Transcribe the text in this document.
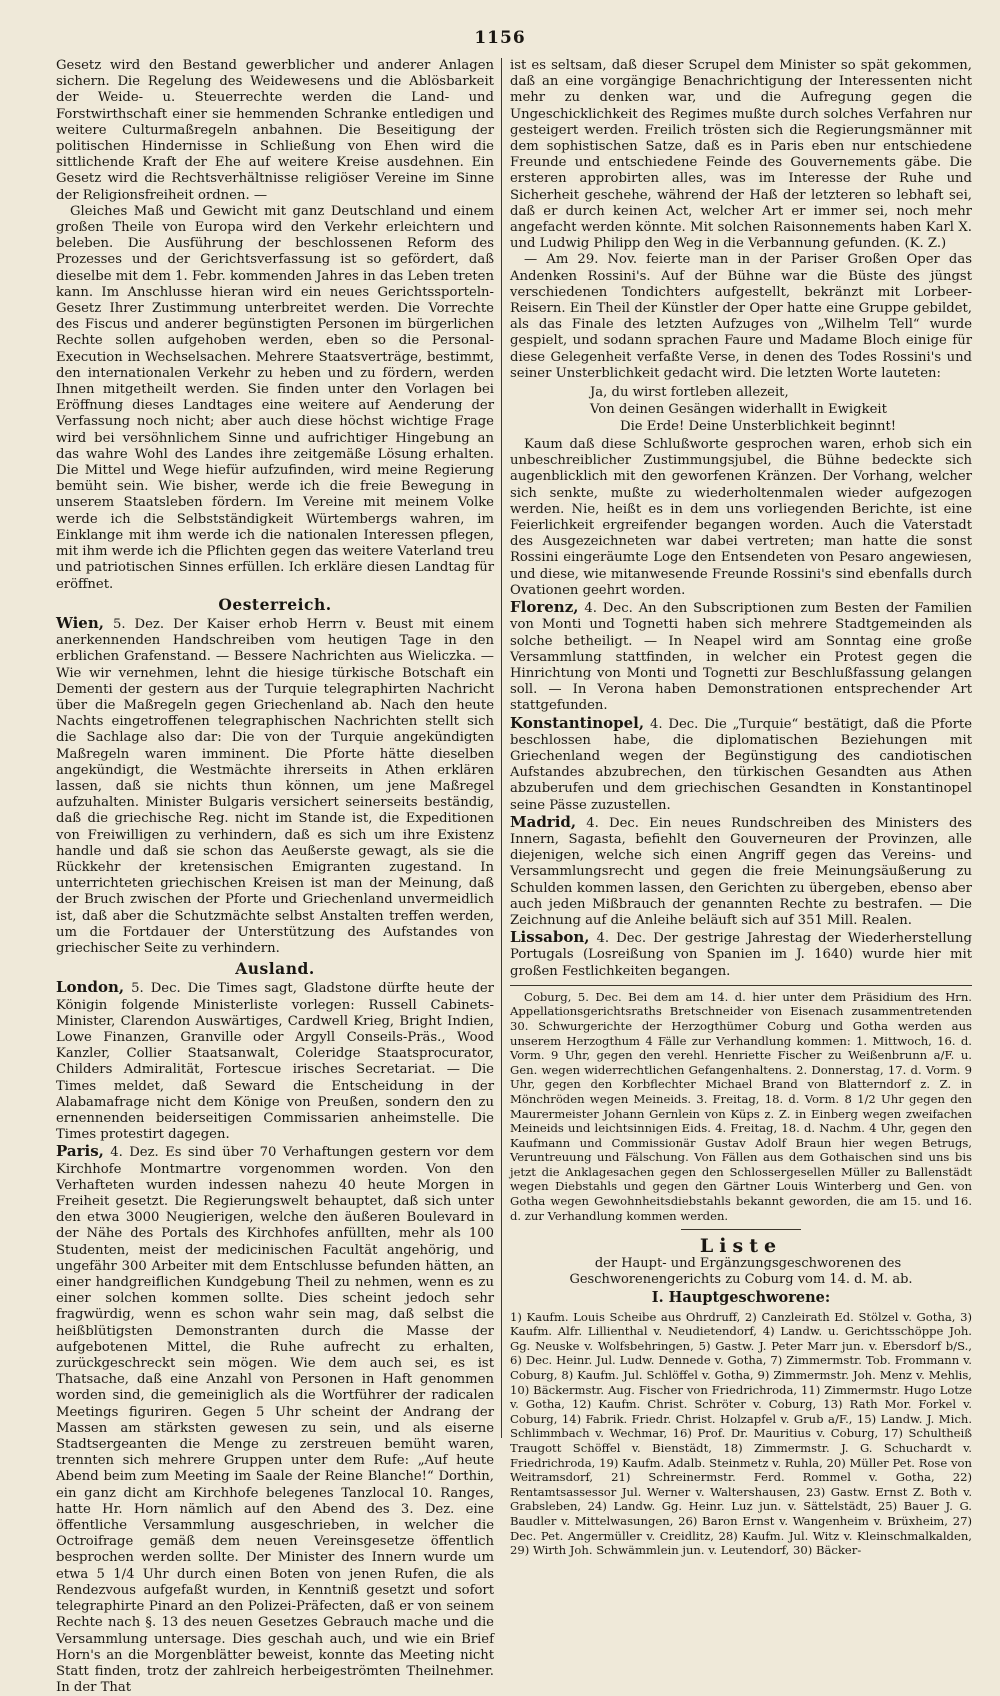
1156

Gesetz wird den Bestand gewerblicher und anderer Anlagen sichern. Die Regelung des Weidewesens und die Ablösbarkeit der Weide- u. Steuerrechte werden die Land- und Forstwirthschaft einer sie hemmenden Schranke entledigen und weitere Culturmaßregeln anbahnen. Die Beseitigung der politischen Hindernisse in Schließung von Ehen wird die sittlichende Kraft der Ehe auf weitere Kreise ausdehnen. Ein Gesetz wird die Rechtsverhältnisse religiöser Vereine im Sinne der Religionsfreiheit ordnen. —

Gleiches Maß und Gewicht mit ganz Deutschland und einem großen Theile von Europa wird den Verkehr erleichtern und beleben. Die Ausführung der beschlossenen Reform des Prozesses und der Gerichtsverfassung ist so gefördert, daß dieselbe mit dem 1. Febr. kommenden Jahres in das Leben treten kann. Im Anschlusse hieran wird ein neues Gerichtssporteln-Gesetz Ihrer Zustimmung unterbreitet werden. Die Vorrechte des Fiscus und anderer begünstigten Personen im bürgerlichen Rechte sollen aufgehoben werden, eben so die Personal-Execution in Wechselsachen. Mehrere Staatsverträge, bestimmt, den internationalen Verkehr zu heben und zu fördern, werden Ihnen mitgetheilt werden. Sie finden unter den Vorlagen bei Eröffnung dieses Landtages eine weitere auf Aenderung der Verfassung noch nicht; aber auch diese höchst wichtige Frage wird bei versöhnlichem Sinne und aufrichtiger Hingebung an das wahre Wohl des Landes ihre zeitgemäße Lösung erhalten. Die Mittel und Wege hiefür aufzufinden, wird meine Regierung bemüht sein. Wie bisher, werde ich die freie Bewegung in unserem Staatsleben fördern. Im Vereine mit meinem Volke werde ich die Selbstständigkeit Würtembergs wahren, im Einklange mit ihm werde ich die nationalen Interessen pflegen, mit ihm werde ich die Pflichten gegen das weitere Vaterland treu und patriotischen Sinnes erfüllen. Ich erkläre diesen Landtag für eröffnet.

Oesterreich.

Wien, 5. Dez. Der Kaiser erhob Herrn v. Beust mit einem anerkennenden Handschreiben vom heutigen Tage in den erblichen Grafenstand. — Bessere Nachrichten aus Wieliczka. — Wie wir vernehmen, lehnt die hiesige türkische Botschaft ein Dementi der gestern aus der Turquie telegraphirten Nachricht über die Maßregeln gegen Griechenland ab. Nach den heute Nachts eingetroffenen telegraphischen Nachrichten stellt sich die Sachlage also dar: Die von der Turquie angekündigten Maßregeln waren imminent. Die Pforte hätte dieselben angekündigt, die Westmächte ihrerseits in Athen erklären lassen, daß sie nichts thun können, um jene Maßregel aufzuhalten. Minister Bulgaris versichert seinerseits beständig, daß die griechische Reg. nicht im Stande ist, die Expeditionen von Freiwilligen zu verhindern, daß es sich um ihre Existenz handle und daß sie schon das Aeußerste gewagt, als sie die Rückkehr der kretensischen Emigranten zugestand. In unterrichteten griechischen Kreisen ist man der Meinung, daß der Bruch zwischen der Pforte und Griechenland unvermeidlich ist, daß aber die Schutzmächte selbst Anstalten treffen werden, um die Fortdauer der Unterstützung des Aufstandes von griechischer Seite zu verhindern.

Ausland.

London, 5. Dec. Die Times sagt, Gladstone dürfte heute der Königin folgende Ministerliste vorlegen: Russell Cabinets-Minister, Clarendon Auswärtiges, Cardwell Krieg, Bright Indien, Lowe Finanzen, Granville oder Argyll Conseils-Präs., Wood Kanzler, Collier Staatsanwalt, Coleridge Staatsprocurator, Childers Admiralität, Fortescue irisches Secretariat. — Die Times meldet, daß Seward die Entscheidung in der Alabamafrage nicht dem Könige von Preußen, sondern den zu ernennenden beiderseitigen Commissarien anheimstelle. Die Times protestirt dagegen.

Paris, 4. Dez. Es sind über 70 Verhaftungen gestern vor dem Kirchhofe Montmartre vorgenommen worden. Von den Verhafteten wurden indessen nahezu 40 heute Morgen in Freiheit gesetzt. Die Regierungswelt behauptet, daß sich unter den etwa 3000 Neugierigen, welche den äußeren Boulevard in der Nähe des Portals des Kirchhofes anfüllten, mehr als 100 Studenten, meist der medicinischen Facultät angehörig, und ungefähr 300 Arbeiter mit dem Entschlusse befunden hätten, an einer handgreiflichen Kundgebung Theil zu nehmen, wenn es zu einer solchen kommen sollte. Dies scheint jedoch sehr fragwürdig, wenn es schon wahr sein mag, daß selbst die heißblütigsten Demonstranten durch die Masse der aufgebotenen Mittel, die Ruhe aufrecht zu erhalten, zurückgeschreckt sein mögen. Wie dem auch sei, es ist Thatsache, daß eine Anzahl von Personen in Haft genommen worden sind, die gemeiniglich als die Wortführer der radicalen Meetings figuriren. Gegen 5 Uhr scheint der Andrang der Massen am stärksten gewesen zu sein, und als eiserne Stadtsergeanten die Menge zu zerstreuen bemüht waren, trennten sich mehrere Gruppen unter dem Rufe: „Auf heute Abend beim zum Meeting im Saale der Reine Blanche!“ Dorthin, ein ganz dicht am Kirchhofe belegenes Tanzlocal 10. Ranges, hatte Hr. Horn nämlich auf den Abend des 3. Dez. eine öffentliche Versammlung ausgeschrieben, in welcher die Octroifrage gemäß dem neuen Vereinsgesetze öffentlich besprochen werden sollte. Der Minister des Innern wurde um etwa 5 1/4 Uhr durch einen Boten von jenen Rufen, die als Rendezvous aufgefaßt wurden, in Kenntniß gesetzt und sofort telegraphirte Pinard an den Polizei-Präfecten, daß er von seinem Rechte nach §. 13 des neuen Gesetzes Gebrauch mache und die Versammlung untersage. Dies geschah auch, und wie ein Brief Horn's an die Morgenblätter beweist, konnte das Meeting nicht Statt finden, trotz der zahlreich herbeigeströmten Theilnehmer. In der That

ist es seltsam, daß dieser Scrupel dem Minister so spät gekommen, daß an eine vorgängige Benachrichtigung der Interessenten nicht mehr zu denken war, und die Aufregung gegen die Ungeschicklichkeit des Regimes mußte durch solches Verfahren nur gesteigert werden. Freilich trösten sich die Regierungsmänner mit dem sophistischen Satze, daß es in Paris eben nur entschiedene Freunde und entschiedene Feinde des Gouvernements gäbe. Die ersteren approbirten alles, was im Interesse der Ruhe und Sicherheit geschehe, während der Haß der letzteren so lebhaft sei, daß er durch keinen Act, welcher Art er immer sei, noch mehr angefacht werden könnte. Mit solchen Raisonnements haben Karl X. und Ludwig Philipp den Weg in die Verbannung gefunden. (K. Z.)

— Am 29. Nov. feierte man in der Pariser Großen Oper das Andenken Rossini's. Auf der Bühne war die Büste des jüngst verschiedenen Tondichters aufgestellt, bekränzt mit Lorbeer-Reisern. Ein Theil der Künstler der Oper hatte eine Gruppe gebildet, als das Finale des letzten Aufzuges von „Wilhelm Tell“ wurde gespielt, und sodann sprachen Faure und Madame Bloch einige für diese Gelegenheit verfaßte Verse, in denen des Todes Rossini's und seiner Unsterblichkeit gedacht wird. Die letzten Worte lauteten:

Ja, du wirst fortleben allezeit,
Von deinen Gesängen widerhallt in Ewigkeit
Die Erde! Deine Unsterblichkeit beginnt!

Kaum daß diese Schlußworte gesprochen waren, erhob sich ein unbeschreiblicher Zustimmungsjubel, die Bühne bedeckte sich augenblicklich mit den geworfenen Kränzen. Der Vorhang, welcher sich senkte, mußte zu wiederholtenmalen wieder aufgezogen werden. Nie, heißt es in dem uns vorliegenden Berichte, ist eine Feierlichkeit ergreifender begangen worden. Auch die Vaterstadt des Ausgezeichneten war dabei vertreten; man hatte die sonst Rossini eingeräumte Loge den Entsendeten von Pesaro angewiesen, und diese, wie mitanwesende Freunde Rossini's sind ebenfalls durch Ovationen geehrt worden.

Florenz, 4. Dec. An den Subscriptionen zum Besten der Familien von Monti und Tognetti haben sich mehrere Stadtgemeinden als solche betheiligt. — In Neapel wird am Sonntag eine große Versammlung stattfinden, in welcher ein Protest gegen die Hinrichtung von Monti und Tognetti zur Beschlußfassung gelangen soll. — In Verona haben Demonstrationen entsprechender Art stattgefunden.

Konstantinopel, 4. Dec. Die „Turquie“ bestätigt, daß die Pforte beschlossen habe, die diplomatischen Beziehungen mit Griechenland wegen der Begünstigung des candiotischen Aufstandes abzubrechen, den türkischen Gesandten aus Athen abzuberufen und dem griechischen Gesandten in Konstantinopel seine Pässe zuzustellen.

Madrid, 4. Dec. Ein neues Rundschreiben des Ministers des Innern, Sagasta, befiehlt den Gouverneuren der Provinzen, alle diejenigen, welche sich einen Angriff gegen das Vereins- und Versammlungsrecht und gegen die freie Meinungsäußerung zu Schulden kommen lassen, den Gerichten zu übergeben, ebenso aber auch jeden Mißbrauch der genannten Rechte zu bestrafen. — Die Zeichnung auf die Anleihe beläuft sich auf 351 Mill. Realen.

Lissabon, 4. Dec. Der gestrige Jahrestag der Wiederherstellung Portugals (Losreißung von Spanien im J. 1640) wurde hier mit großen Festlichkeiten begangen.

Coburg, 5. Dec. Bei dem am 14. d. hier unter dem Präsidium des Hrn. Appellationsgerichtsraths Bretschneider von Eisenach zusammentretenden 30. Schwurgerichte der Herzogthümer Coburg und Gotha werden aus unserem Herzogthum 4 Fälle zur Verhandlung kommen: 1. Mittwoch, 16. d. Vorm. 9 Uhr, gegen den verehl. Henriette Fischer zu Weißenbrunn a/F. u. Gen. wegen widerrechtlichen Gefangenhaltens. 2. Donnerstag, 17. d. Vorm. 9 Uhr, gegen den Korbflechter Michael Brand von Blatterndorf z. Z. in Mönchröden wegen Meineids. 3. Freitag, 18. d. Vorm. 8 1/2 Uhr gegen den Maurermeister Johann Gernlein von Küps z. Z. in Einberg wegen zweifachen Meineids und leichtsinnigen Eids. 4. Freitag, 18. d. Nachm. 4 Uhr, gegen den Kaufmann und Commissionär Gustav Adolf Braun hier wegen Betrugs, Veruntreuung und Fälschung. Von Fällen aus dem Gothaischen sind uns bis jetzt die Anklagesachen gegen den Schlossergesellen Müller zu Ballenstädt wegen Diebstahls und gegen den Gärtner Louis Winterberg und Gen. von Gotha wegen Gewohnheitsdiebstahls bekannt geworden, die am 15. und 16. d. zur Verhandlung kommen werden.

Liste

der Haupt- und Ergänzungsgeschworenen des Geschworenengerichts zu Coburg vom 14. d. M. ab.

I. Hauptgeschworene:

1) Kaufm. Louis Scheibe aus Ohrdruff, 2) Canzleirath Ed. Stölzel v. Gotha, 3) Kaufm. Alfr. Lillienthal v. Neudietendorf, 4) Landw. u. Gerichtsschöppe Joh. Gg. Neuske v. Wolfsbehringen, 5) Gastw. J. Peter Marr jun. v. Ebersdorf b/S., 6) Dec. Heinr. Jul. Ludw. Dennede v. Gotha, 7) Zimmermstr. Tob. Frommann v. Coburg, 8) Kaufm. Jul. Schlöffel v. Gotha, 9) Zimmermstr. Joh. Menz v. Mehlis, 10) Bäckermstr. Aug. Fischer von Friedrichroda, 11) Zimmermstr. Hugo Lotze v. Gotha, 12) Kaufm. Christ. Schröter v. Coburg, 13) Rath Mor. Forkel v. Coburg, 14) Fabrik. Friedr. Christ. Holzapfel v. Grub a/F., 15) Landw. J. Mich. Schlimmbach v. Wechmar, 16) Prof. Dr. Mauritius v. Coburg, 17) Schultheiß Traugott Schöffel v. Bienstädt, 18) Zimmermstr. J. G. Schuchardt v. Friedrichroda, 19) Kaufm. Adalb. Steinmetz v. Ruhla, 20) Müller Pet. Rose von Weitramsdorf, 21) Schreinermstr. Ferd. Rommel v. Gotha, 22) Rentamtsassessor Jul. Werner v. Waltershausen, 23) Gastw. Ernst Z. Both v. Grabsleben, 24) Landw. Gg. Heinr. Luz jun. v. Sättelstädt, 25) Bauer J. G. Baudler v. Mittelwasungen, 26) Baron Ernst v. Wangenheim v. Brüxheim, 27) Dec. Pet. Angermüller v. Creidlitz, 28) Kaufm. Jul. Witz v. Kleinschmalkalden, 29) Wirth Joh. Schwämmlein jun. v. Leutendorf, 30) Bäcker-
